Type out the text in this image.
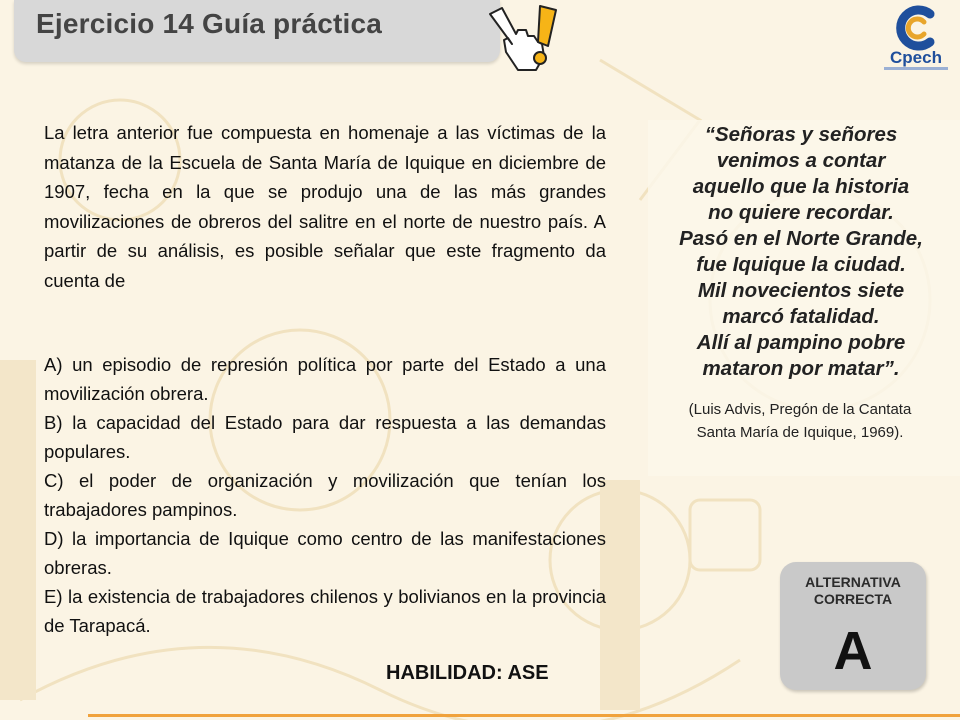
Ejercicio 14 Guía práctica
Cpech
La letra anterior fue compuesta en homenaje a las víctimas de la matanza de la Escuela de Santa María de Iquique en diciembre de 1907, fecha en la que se produjo una de las más grandes movilizaciones de obreros del salitre en el norte de nuestro país. A partir de su análisis, es posible señalar que este fragmento da cuenta de

A) un episodio de represión política por parte del Estado a una movilización obrera.

B) la capacidad del Estado para dar respuesta a las demandas populares.

C) el poder de organización y movilización que tenían los trabajadores pampinos.

D) la importancia de Iquique como centro de las manifestaciones obreras.

E) la existencia de trabajadores chilenos y bolivianos en la provincia de Tarapacá.

“Señoras y señores

venimos a contar

aquello que la historia

no quiere recordar.

Pasó en el Norte Grande,

fue Iquique la ciudad.

Mil novecientos siete

marcó fatalidad.

Allí al pampino pobre

mataron por matar”.

(Luis Advis, Pregón de la Cantata Santa María de Iquique, 1969).
ALTERNATIVA
CORRECTA
A
HABILIDAD: ASE
